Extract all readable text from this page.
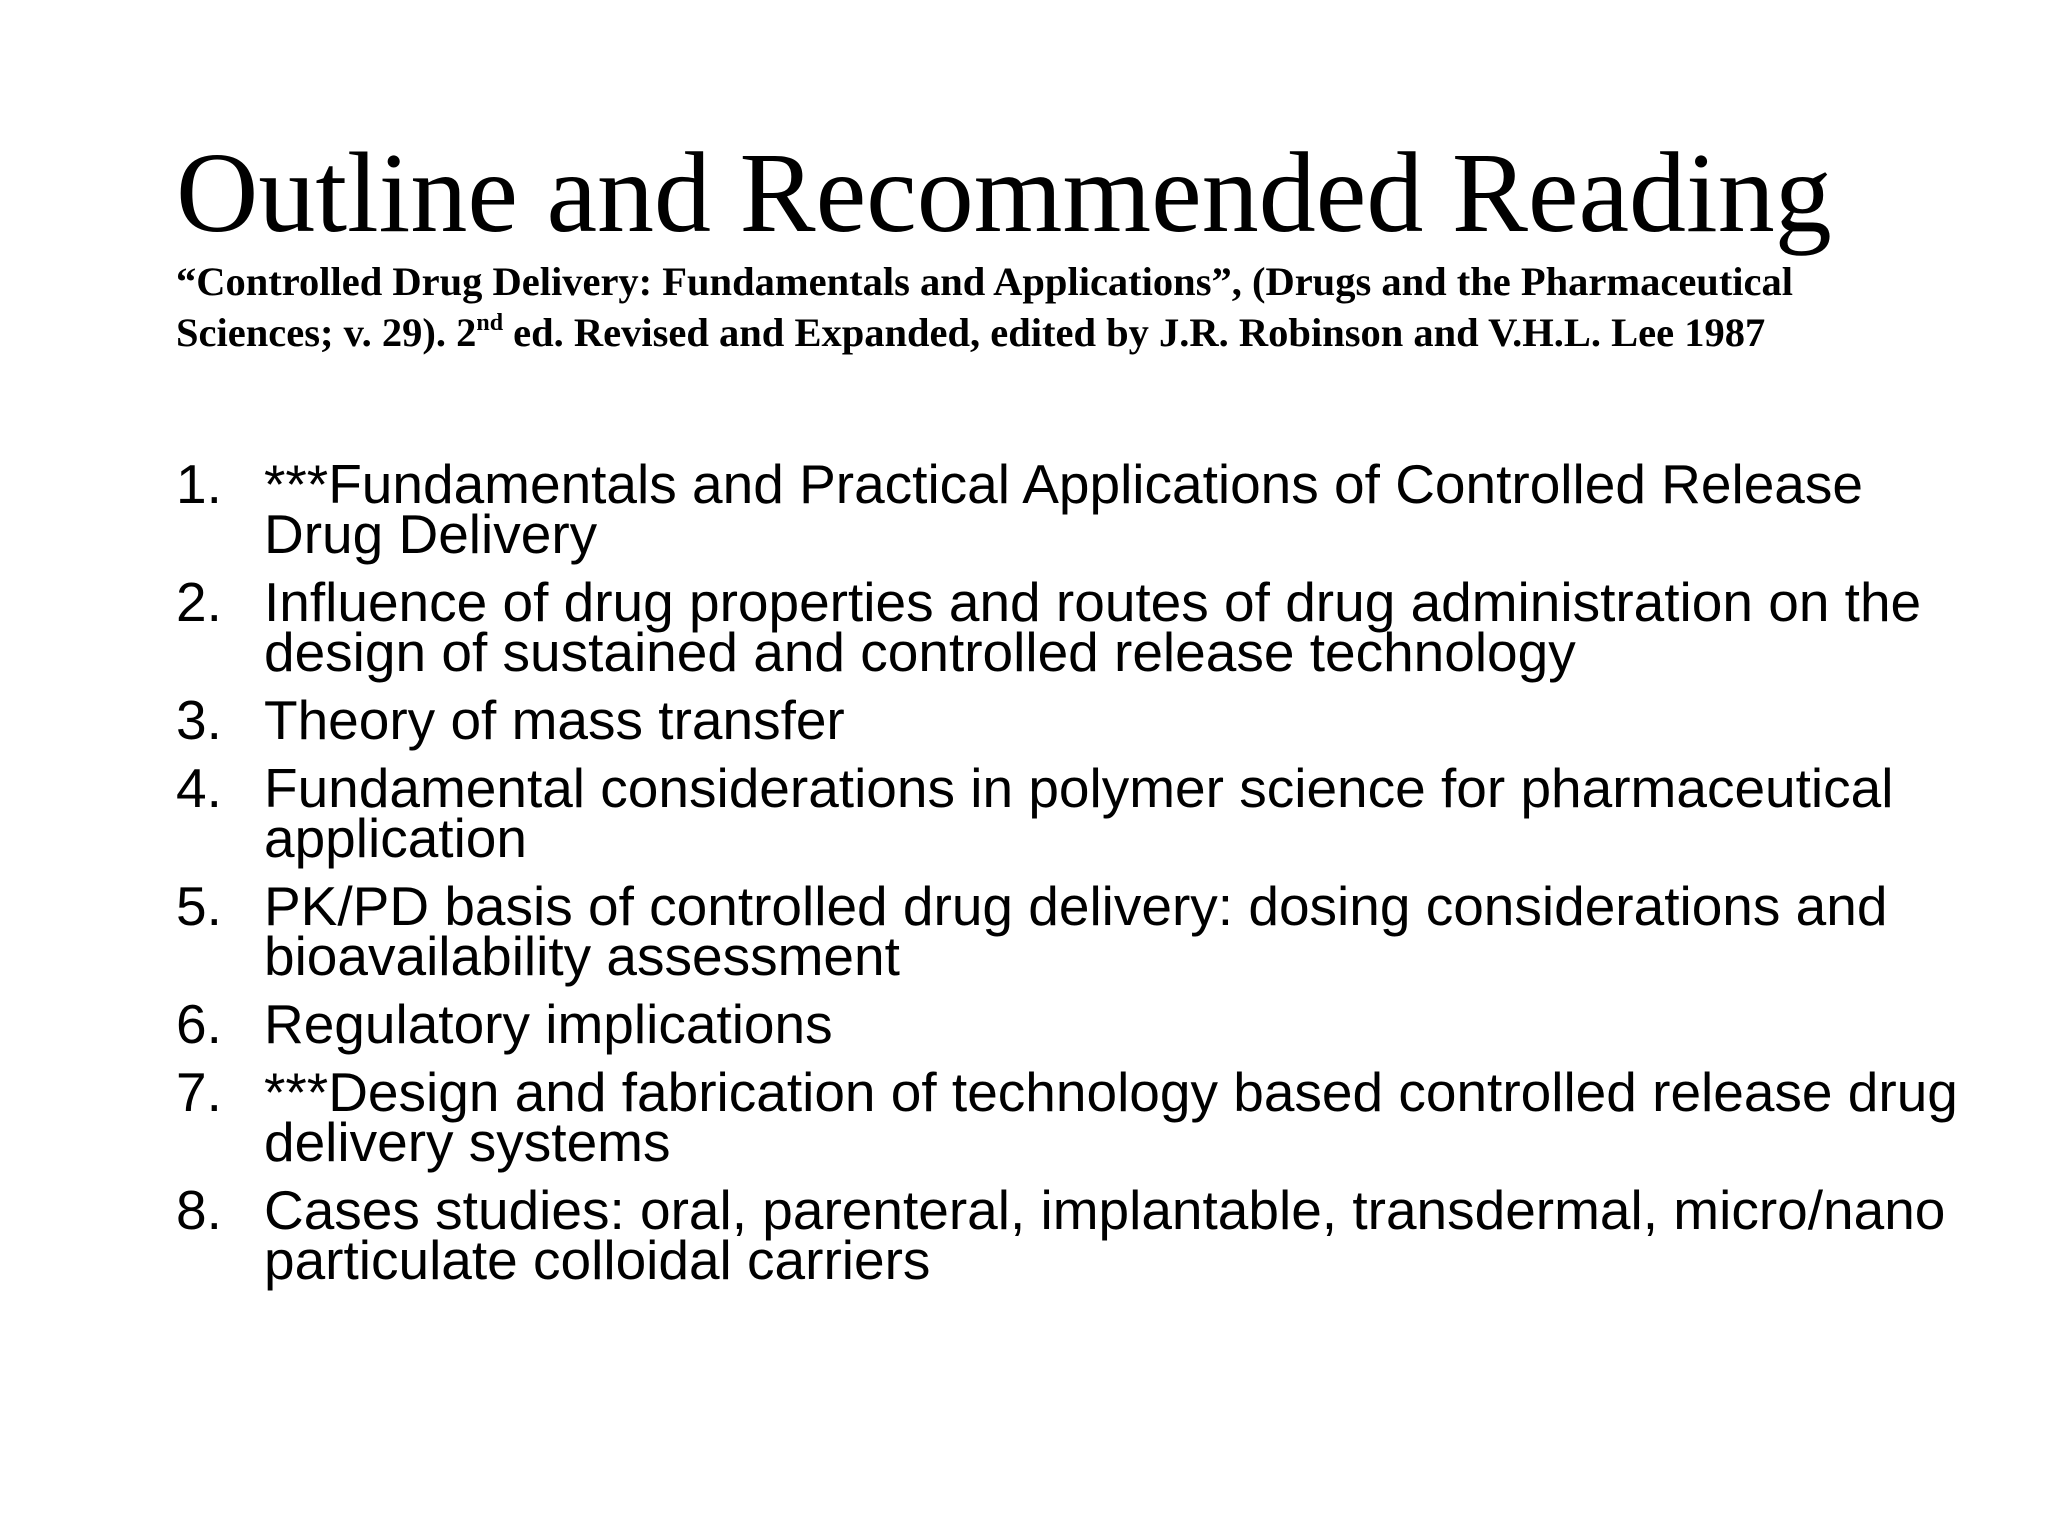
Outline and Recommended Reading

“Controlled Drug Delivery: Fundamentals and Applications”, (Drugs and the Pharmaceutical Sciences; v. 29). 2nd ed. Revised and Expanded, edited by J.R. Robinson and V.H.L. Lee 1987

1. ***Fundamentals and Practical Applications of Controlled Release Drug Delivery
2. Influence of drug properties and routes of drug administration on the design of sustained and controlled release technology
3. Theory of mass transfer
4. Fundamental considerations in polymer science for pharmaceutical application
5. PK/PD basis of controlled drug delivery: dosing considerations and bioavailability assessment
6. Regulatory implications
7. ***Design and fabrication of technology based controlled release drug delivery systems
8. Cases studies: oral, parenteral, implantable, transdermal, micro/nano particulate colloidal carriers
